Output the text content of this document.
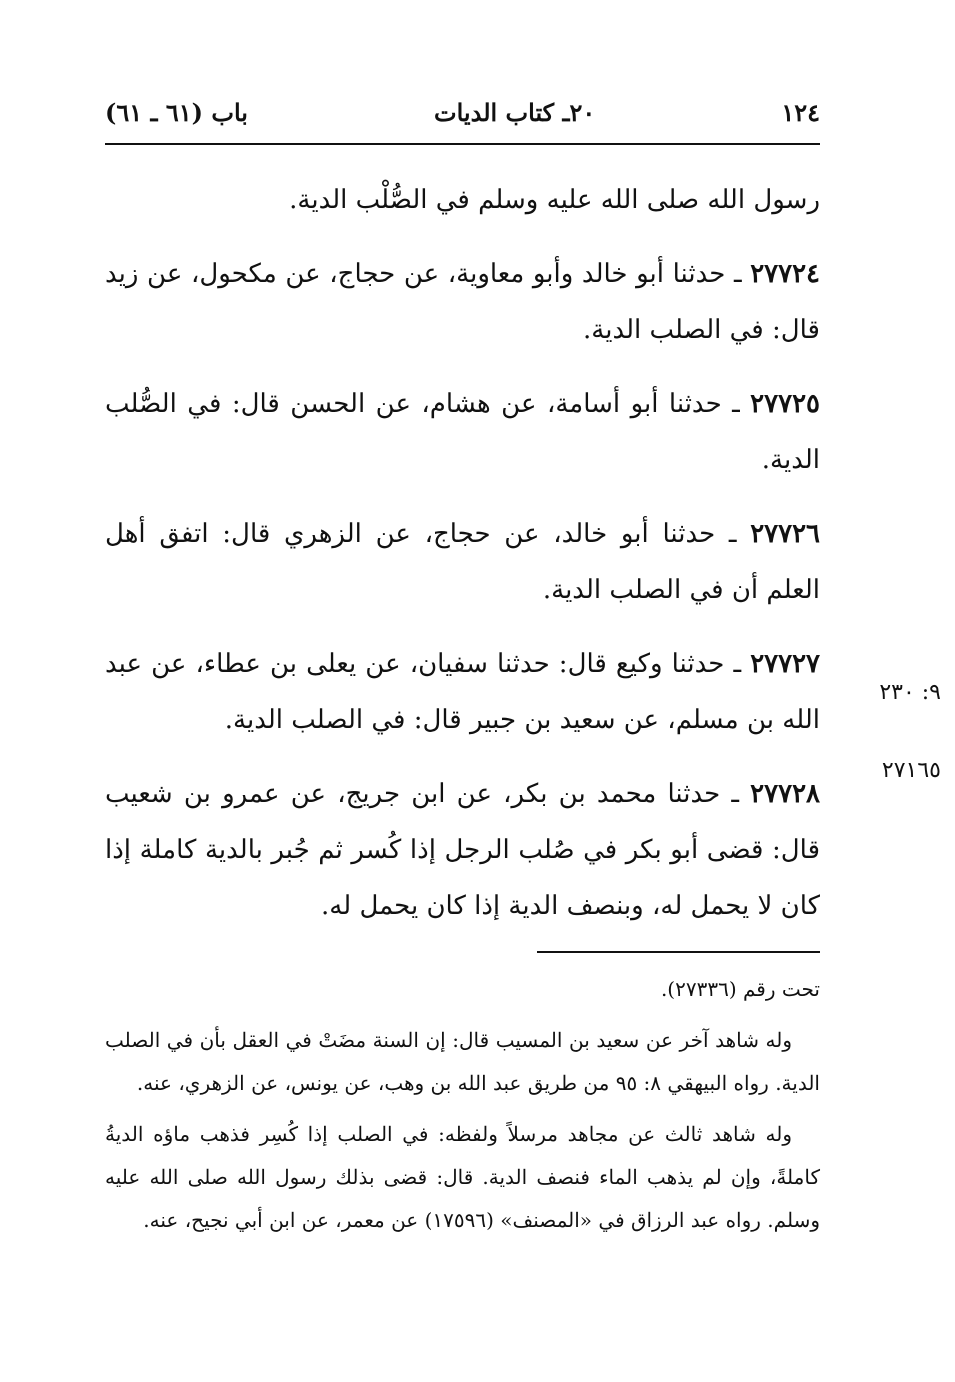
١٢٤
٢٠ـ كتاب الديات
باب (٦١ ـ ٦١)

رسول الله صلى الله عليه وسلم في الصُّلْب الدية.

٢٧٧٢٤ ـ حدثنا أبو خالد وأبو معاوية، عن حجاج، عن مكحول، عن زيد قال: في الصلب الدية.

٢٧٧٢٥ ـ حدثنا أبو أسامة، عن هشام، عن الحسن قال: في الصُّلب الدية.

٢٧٧٢٦ ـ حدثنا أبو خالد، عن حجاج، عن الزهري قال: اتفق أهل العلم أن في الصلب الدية.

٢٧٧٢٧ ـ حدثنا وكيع قال: حدثنا سفيان، عن يعلى بن عطاء، عن عبد الله بن مسلم، عن سعيد بن جبير قال: في الصلب الدية.

٢٧٧٢٨ ـ حدثنا محمد بن بكر، عن ابن جريج، عن عمرو بن شعيب قال: قضى أبو بكر في صُلب الرجل إذا كُسر ثم جُبر بالدية كاملة إذا كان لا يحمل له، وبنصف الدية إذا كان يحمل له.

٩: ٢٣٠
٢٧١٦٥

تحت رقم (٢٧٣٣٦).

وله شاهد آخر عن سعيد بن المسيب قال: إن السنة مضَتْ في العقل بأن في الصلب الدية. رواه البيهقي ٨: ٩٥ من طريق عبد الله بن وهب، عن يونس، عن الزهري، عنه.

وله شاهد ثالث عن مجاهد مرسلاً ولفظه: في الصلب إذا كُسِر فذهب ماؤه الديةُ كاملةً، وإن لم يذهب الماء فنصف الدية. قال: قضى بذلك رسول الله صلى الله عليه وسلم. رواه عبد الرزاق في «المصنف» (١٧٥٩٦) عن معمر، عن ابن أبي نجيح، عنه.
